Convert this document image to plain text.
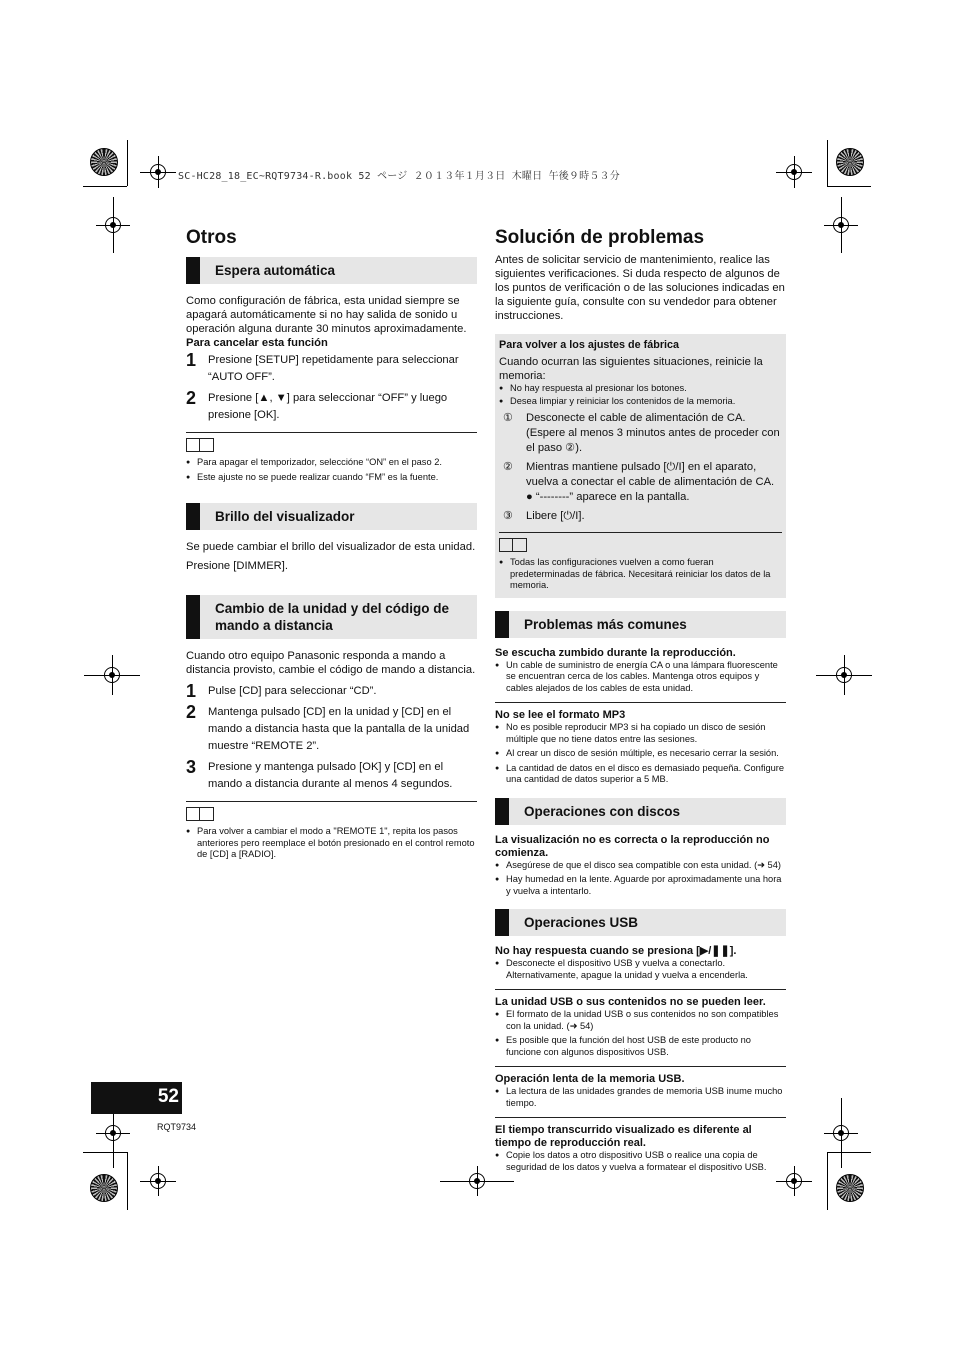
SC-HC28_18_EC~RQT9734-R.book 52 ページ ２０１３年１月３日 木曜日 午後９時５３分
Otros
Espera automática

Como configuración de fábrica, esta unidad siempre se apagará automáticamente si no hay salida de sonido u operación alguna durante 30 minutos aproximadamente.

Para cancelar esta función

1 Presione [SETUP] repetidamente para seleccionar “AUTO OFF”.
2 Presione [▲, ▼] para seleccionar “OFF” y luego presione [OK].
● Para apagar el temporizador, seleccióne “ON” en el paso 2.
● Este ajuste no se puede realizar cuando “FM” es la fuente.
Brillo del visualizador

Se puede cambiar el brillo del visualizador de esta unidad.

Presione [DIMMER].

Cambio de la unidad y del código de mando a distancia

Cuando otro equipo Panasonic responda a mando a distancia provisto, cambie el código de mando a distancia.

1 Pulse [CD] para seleccionar “CD”.
2 Mantenga pulsado [CD] en la unidad y [CD] en el mando a distancia hasta que la pantalla de la unidad muestre “REMOTE 2”.
3 Presione y mantenga pulsado [OK] y [CD] en el mando a distancia durante al menos 4 segundos.
● Para volver a cambiar el modo a "REMOTE 1", repita los pasos anteriores pero reemplace el botón presionado en el control remoto de [CD] a [RADIO].
Solución de problemas

Antes de solicitar servicio de mantenimiento, realice las siguientes verificaciones. Si duda respecto de algunos de los puntos de verificación o de las soluciones indicadas en la siguiente guía, consulte con su vendedor para obtener instrucciones.

Para volver a los ajustes de fábrica

Cuando ocurran las siguientes situaciones, reinicie la memoria:

● No hay respuesta al presionar los botones.
● Desea limpiar y reiniciar los contenidos de la memoria.
① Desconecte el cable de alimentación de CA. (Espere al menos 3 minutos antes de proceder con el paso ②).
② Mientras mantiene pulsado [⏻/I] en el aparato, vuelva a conectar el cable de alimentación de CA.
● “--------” aparece en la pantalla.
③ Libere [⏻/I].
● Todas las configuraciones vuelven a como fueran predeterminadas de fábrica. Necesitará reiniciar los datos de la memoria.
Problemas más comunes
Se escucha zumbido durante la reproducción.
● Un cable de suministro de energía CA o una lámpara fluorescente se encuentran cerca de los cables. Mantenga otros equipos y cables alejados de los cables de esta unidad.
No se lee el formato MP3
● No es posible reproducir MP3 si ha copiado un disco de sesión múltiple que no tiene datos entre las sesiones.
● Al crear un disco de sesión múltiple, es necesario cerrar la sesión.
● La cantidad de datos en el disco es demasiado pequeña. Configure una cantidad de datos superior a 5 MB.
Operaciones con discos
La visualización no es correcta o la reproducción no comienza.
● Asegúrese de que el disco sea compatible con esta unidad. (➜ 54)
● Hay humedad en la lente. Aguarde por aproximadamente una hora y vuelva a intentarlo.
Operaciones USB
No hay respuesta cuando se presiona [▶/❚❚].
● Desconecte el dispositivo USB y vuelva a conectarlo. Alternativamente, apague la unidad y vuelva a encenderla.
La unidad USB o sus contenidos no se pueden leer.
● El formato de la unidad USB o sus contenidos no son compatibles con la unidad. (➜ 54)
● Es posible que la función del host USB de este producto no funcione con algunos dispositivos USB.
Operación lenta de la memoria USB.
● La lectura de las unidades grandes de memoria USB inume mucho tiempo.
El tiempo transcurrido visualizado es diferente al tiempo de reproducción real.
● Copie los datos a otro dispositivo USB o realice una copia de seguridad de los datos y vuelva a formatear el dispositivo USB.
52
RQT9734
